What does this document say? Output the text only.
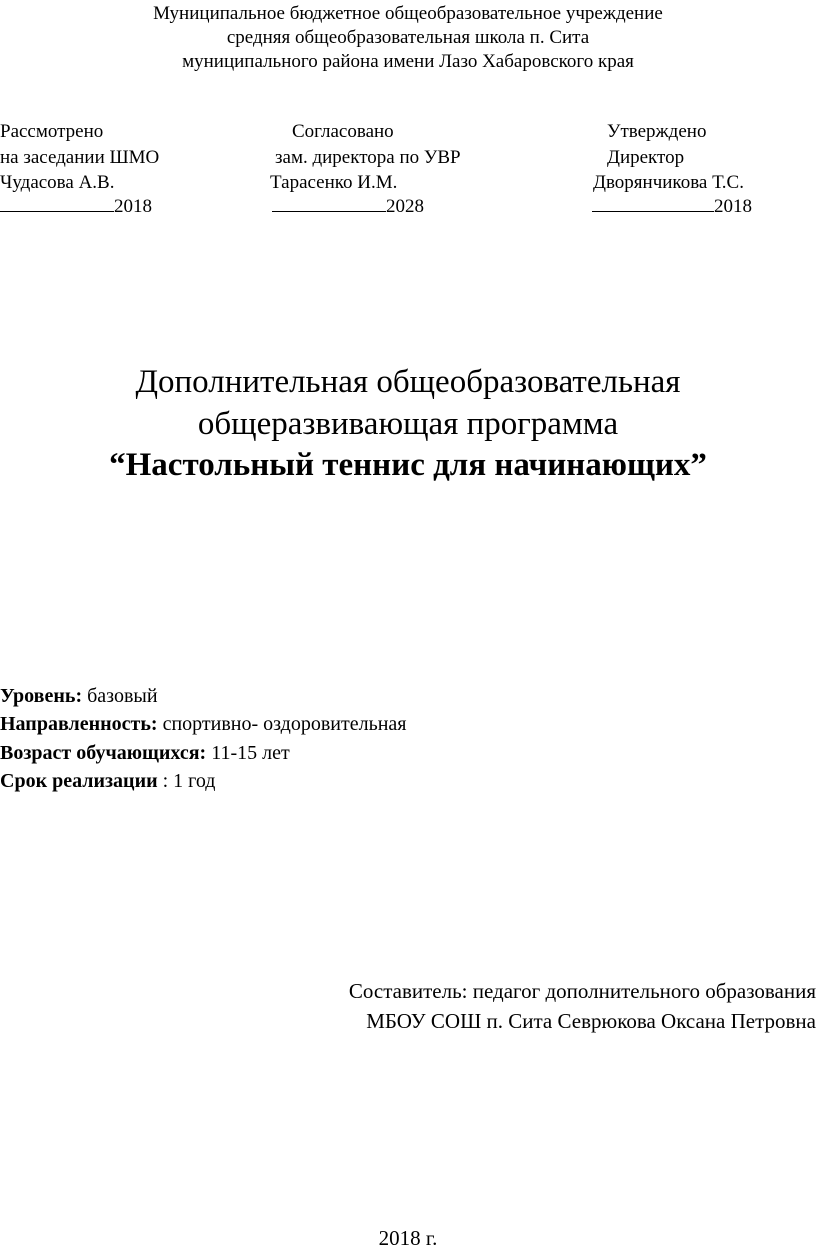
Муниципальное бюджетное общеобразовательное учреждение
средняя общеобразовательная школа п. Сита
муниципального района имени Лазо Хабаровского края
Рассмотрено
на заседании ШМО
Чудасова А.В.
2018
Согласовано
зам. директора по УВР
Тарасенко И.М.
2028
Утверждено
Директор
Дворянчикова Т.С.
2018
Дополнительная общеобразовательная
общеразвивающая программа
“Настольный теннис для начинающих”
Уровень: базовый
Направленность: спортивно- оздоровительная
Возраст обучающихся: 11-15 лет
Срок реализации : 1 год
Составитель: педагог дополнительного образования
МБОУ СОШ п. Сита Севрюкова Оксана Петровна
2018 г.
